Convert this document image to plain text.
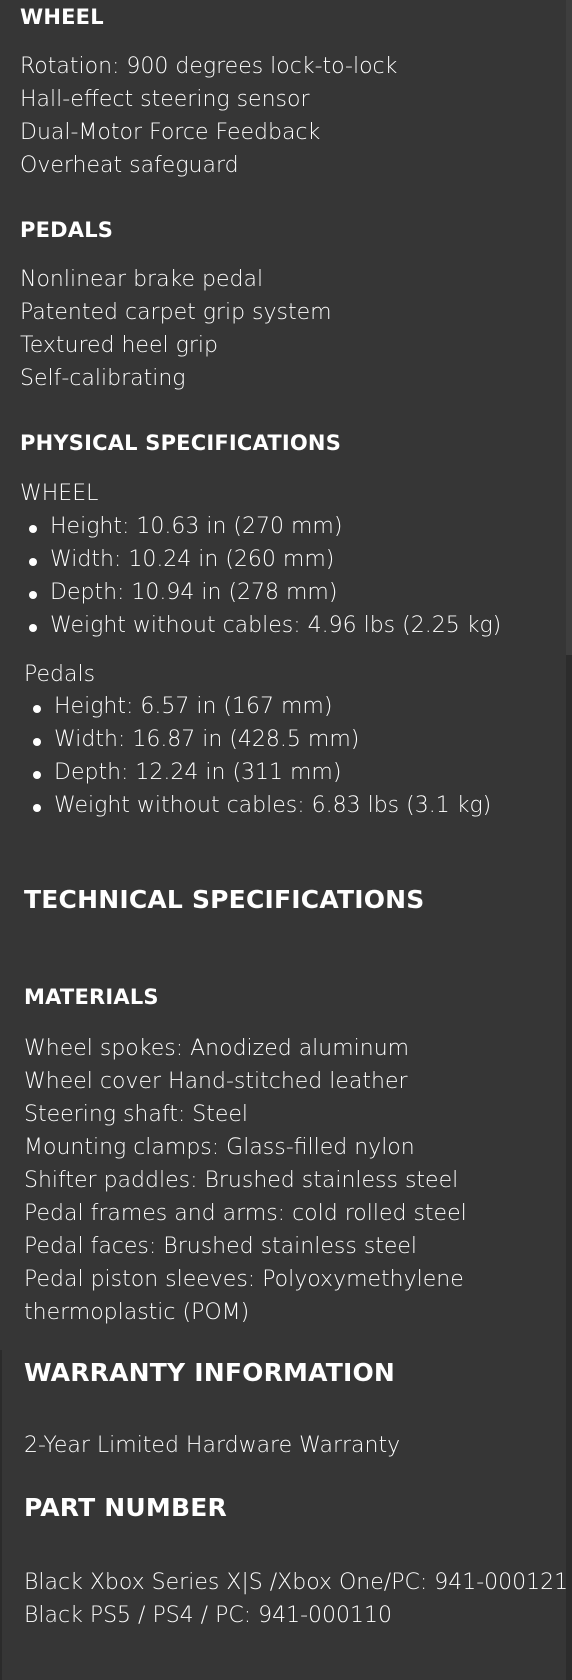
WHEEL
Rotation: 900 degrees lock-to-lock
Hall-effect steering sensor
Dual-Motor Force Feedback
Overheat safeguard
PEDALS
Nonlinear brake pedal
Patented carpet grip system
Textured heel grip
Self-calibrating
PHYSICAL SPECIFICATIONS
WHEEL
Height: 10.63 in (270 mm)
Width: 10.24 in (260 mm)
Depth: 10.94 in (278 mm)
Weight without cables: 4.96 lbs (2.25 kg)
Pedals
Height: 6.57 in (167 mm)
Width: 16.87 in (428.5 mm)
Depth: 12.24 in (311 mm)
Weight without cables: 6.83 lbs (3.1 kg)
TECHNICAL SPECIFICATIONS
MATERIALS
Wheel spokes: Anodized aluminum
Wheel cover Hand-stitched leather
Steering shaft: Steel
Mounting clamps: Glass-filled nylon
Shifter paddles: Brushed stainless steel
Pedal frames and arms: cold rolled steel
Pedal faces: Brushed stainless steel
Pedal piston sleeves: Polyoxymethylene
thermoplastic (POM)
WARRANTY INFORMATION
2-Year Limited Hardware Warranty
PART NUMBER
Black Xbox Series X|S /Xbox One/PC: 941-000121
Black PS5 / PS4 / PC: 941-000110
